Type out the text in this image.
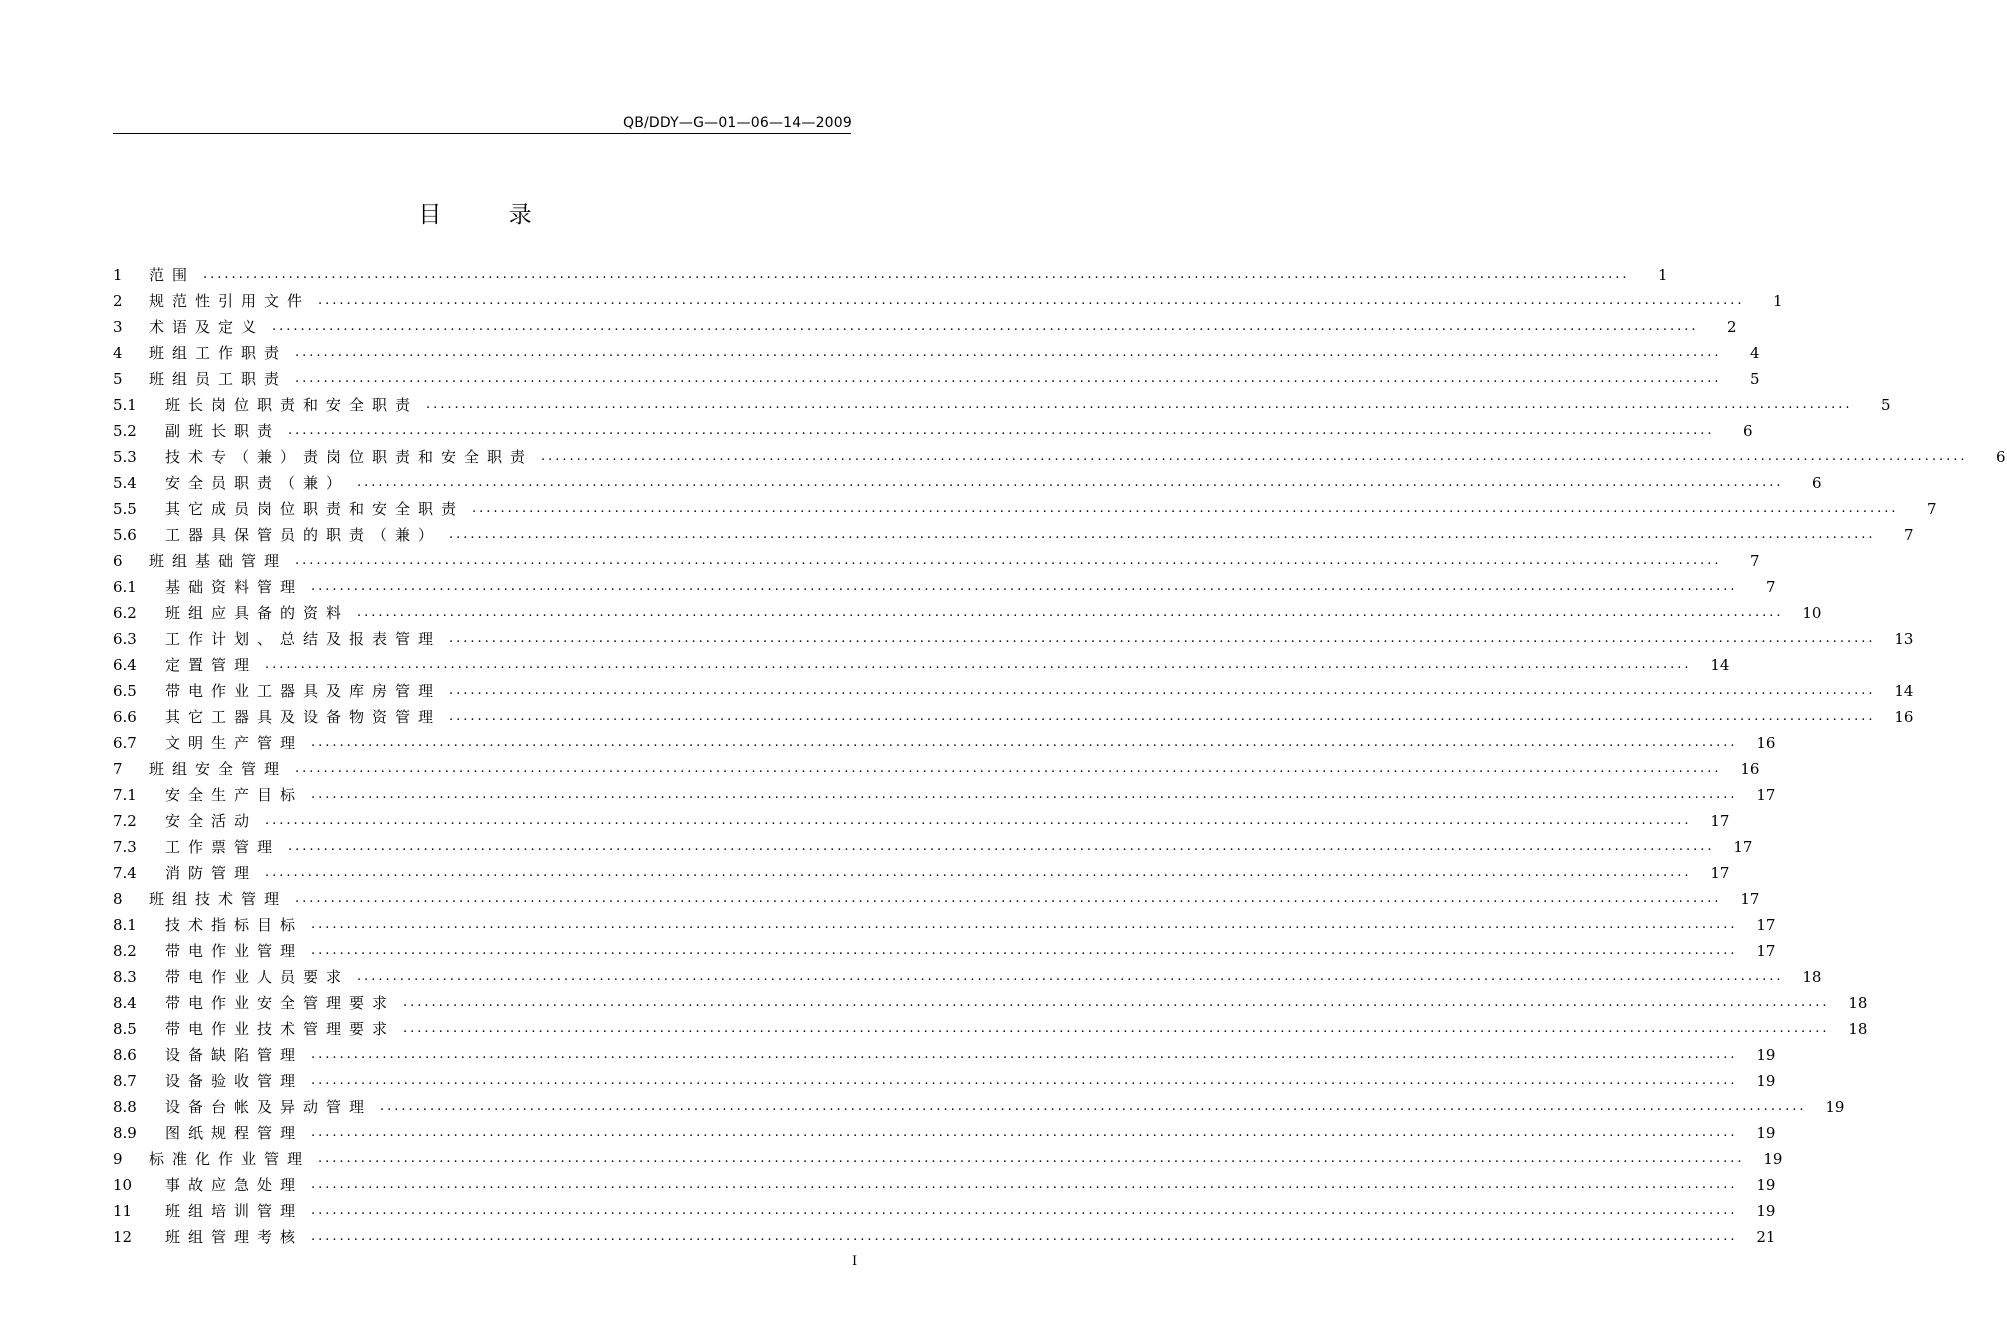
QB/DDY—G—01—06—14—2009
目 录
1	范围 ........................................................................................................................................................................................................	1
2	规范性引用文件 ........................................................................................................................................................................................................	1
3	术语及定义 ........................................................................................................................................................................................................	2
4	班组工作职责 ........................................................................................................................................................................................................	4
5	班组员工职责 ........................................................................................................................................................................................................	5
5.1	班长岗位职责和安全职责 ........................................................................................................................................................................................................	5
5.2	副班长职责 ........................................................................................................................................................................................................	6
5.3	技术专（兼）责岗位职责和安全职责 ........................................................................................................................................................................................................	6
5.4	安全员职责（兼） ........................................................................................................................................................................................................	6
5.5	其它成员岗位职责和安全职责 ........................................................................................................................................................................................................	7
5.6	工器具保管员的职责（兼） ........................................................................................................................................................................................................	7
6	班组基础管理 ........................................................................................................................................................................................................	7
6.1	基础资料管理 ........................................................................................................................................................................................................	7
6.2	班组应具备的资料 ........................................................................................................................................................................................................	10
6.3	工作计划、总结及报表管理 ........................................................................................................................................................................................................	13
6.4	定置管理 ........................................................................................................................................................................................................	14
6.5	带电作业工器具及库房管理 ........................................................................................................................................................................................................	14
6.6	其它工器具及设备物资管理 ........................................................................................................................................................................................................	16
6.7	文明生产管理 ........................................................................................................................................................................................................	16
7	班组安全管理 ........................................................................................................................................................................................................	16
7.1	安全生产目标 ........................................................................................................................................................................................................	17
7.2	安全活动 ........................................................................................................................................................................................................	17
7.3	工作票管理 ........................................................................................................................................................................................................	17
7.4	消防管理 ........................................................................................................................................................................................................	17
8	班组技术管理 ........................................................................................................................................................................................................	17
8.1	技术指标目标 ........................................................................................................................................................................................................	17
8.2	带电作业管理 ........................................................................................................................................................................................................	17
8.3	带电作业人员要求 ........................................................................................................................................................................................................	18
8.4	带电作业安全管理要求 ........................................................................................................................................................................................................	18
8.5	带电作业技术管理要求 ........................................................................................................................................................................................................	18
8.6	设备缺陷管理 ........................................................................................................................................................................................................	19
8.7	设备验收管理 ........................................................................................................................................................................................................	19
8.8	设备台帐及异动管理 ........................................................................................................................................................................................................	19
8.9	图纸规程管理 ........................................................................................................................................................................................................	19
9	标准化作业管理 ........................................................................................................................................................................................................	19
10	事故应急处理 ........................................................................................................................................................................................................	19
11	班组培训管理 ........................................................................................................................................................................................................	19
12	班组管理考核 ........................................................................................................................................................................................................	21
I
